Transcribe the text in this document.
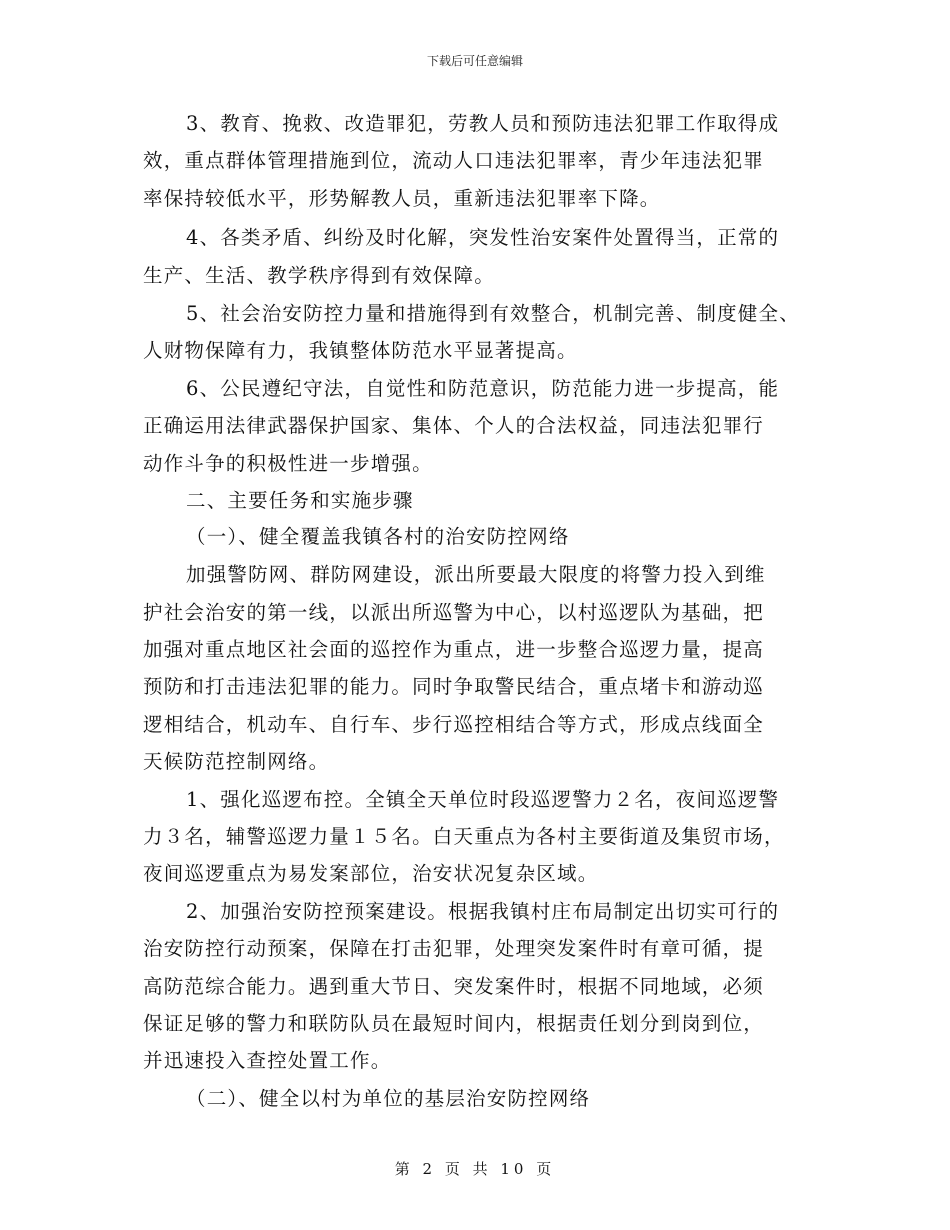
下载后可任意编辑
3、教育、挽救、改造罪犯，劳教人员和预防违法犯罪工作取得成
效，重点群体管理措施到位，流动人口违法犯罪率，青少年违法犯罪
率保持较低水平，形势解教人员，重新违法犯罪率下降。
4、各类矛盾、纠纷及时化解，突发性治安案件处置得当，正常的
生产、生活、教学秩序得到有效保障。
5、社会治安防控力量和措施得到有效整合，机制完善、制度健全、
人财物保障有力，我镇整体防范水平显著提高。
6、公民遵纪守法，自觉性和防范意识，防范能力进一步提高，能
正确运用法律武器保护国家、集体、个人的合法权益，同违法犯罪行
动作斗争的积极性进一步增强。
二、主要任务和实施步骤
（一）、健全覆盖我镇各村的治安防控网络
加强警防网、群防网建设，派出所要最大限度的将警力投入到维
护社会治安的第一线，以派出所巡警为中心，以村巡逻队为基础，把
加强对重点地区社会面的巡控作为重点，进一步整合巡逻力量，提高
预防和打击违法犯罪的能力。同时争取警民结合，重点堵卡和游动巡
逻相结合，机动车、自行车、步行巡控相结合等方式，形成点线面全
天候防范控制网络。
1、强化巡逻布控。全镇全天单位时段巡逻警力２名，夜间巡逻警
力３名，辅警巡逻力量１５名。白天重点为各村主要街道及集贸市场，
夜间巡逻重点为易发案部位，治安状况复杂区域。
2、加强治安防控预案建设。根据我镇村庄布局制定出切实可行的
治安防控行动预案，保障在打击犯罪，处理突发案件时有章可循，提
高防范综合能力。遇到重大节日、突发案件时，根据不同地域，必须
保证足够的警力和联防队员在最短时间内，根据责任划分到岗到位，
并迅速投入查控处置工作。
（二）、健全以村为单位的基层治安防控网络
第 2 页 共 10 页
